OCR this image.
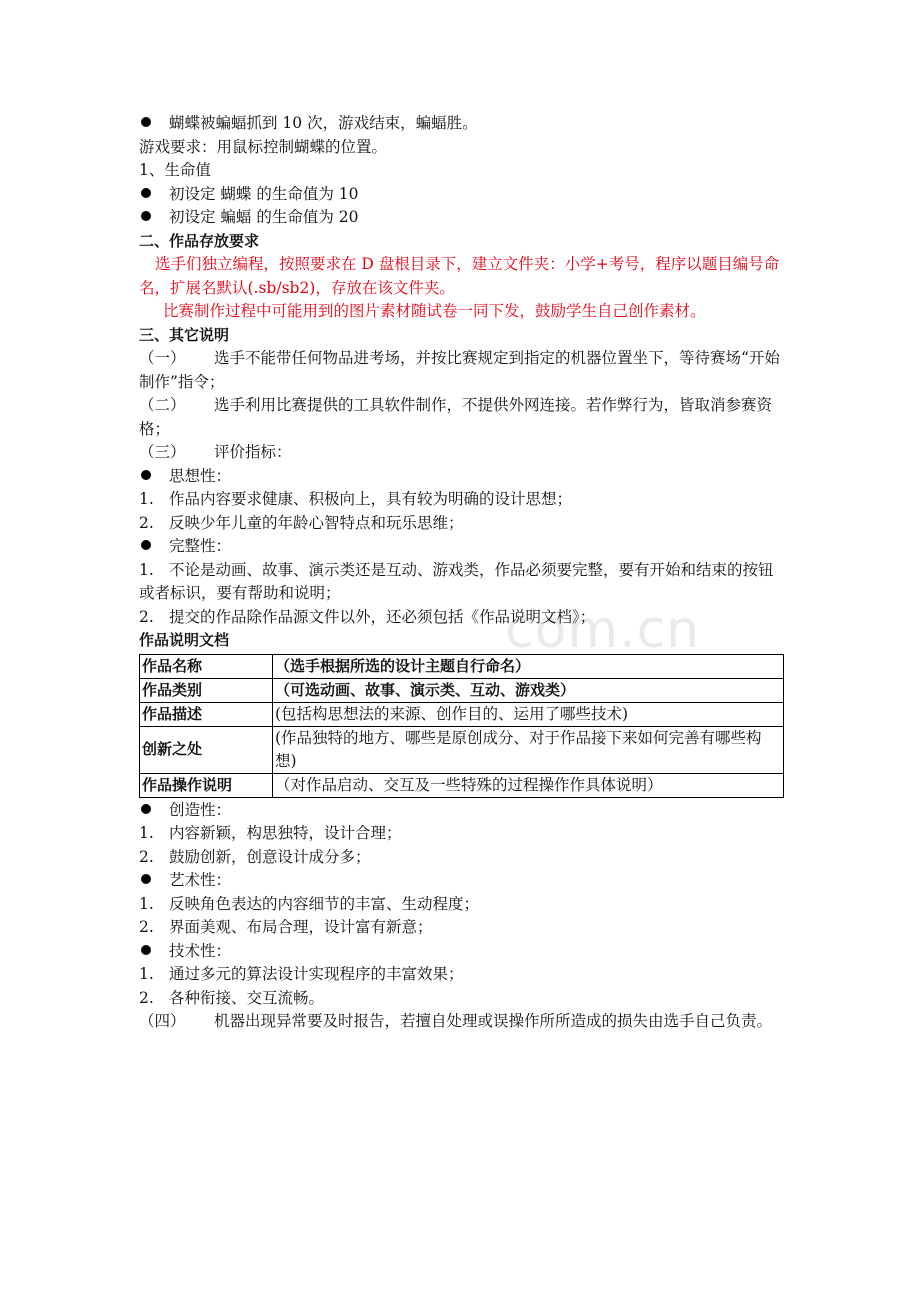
com.cn
蝴蝶被蝙蝠抓到 10 次，游戏结束，蝙蝠胜。
游戏要求：用鼠标控制蝴蝶的位置。
1、生命值
初设定 蝴蝶 的生命值为 10
初设定 蝙蝠 的生命值为 20
二、作品存放要求
选手们独立编程，按照要求在 D 盘根目录下，建立文件夹：小学+考号，程序以题目编号命名，扩展名默认(.sb/sb2)，存放在该文件夹。
比赛制作过程中可能用到的图片素材随试卷一同下发，鼓励学生自己创作素材。
三、其它说明
（一） 选手不能带任何物品进考场，并按比赛规定到指定的机器位置坐下，等待赛场“开始制作”指令；
（二） 选手利用比赛提供的工具软件制作，不提供外网连接。若作弊行为，皆取消参赛资格；
（三） 评价指标：
思想性：
1. 作品内容要求健康、积极向上，具有较为明确的设计思想；
2. 反映少年儿童的年龄心智特点和玩乐思维；
完整性：
1. 不论是动画、故事、演示类还是互动、游戏类，作品必须要完整，要有开始和结束的按钮或者标识，要有帮助和说明；
2. 提交的作品除作品源文件以外，还必须包括《作品说明文档》；
作品说明文档
作品名称	（选手根据所选的设计主题自行命名）
作品类别	（可选动画、故事、演示类、互动、游戏类）
作品描述	(包括构思想法的来源、创作目的、运用了哪些技术)
创新之处	(作品独特的地方、哪些是原创成分、对于作品接下来如何完善有哪些构想)
作品操作说明	（对作品启动、交互及一些特殊的过程操作作具体说明）
创造性：
1. 内容新颖，构思独特，设计合理；
2. 鼓励创新，创意设计成分多；
艺术性：
1. 反映角色表达的内容细节的丰富、生动程度；
2. 界面美观、布局合理，设计富有新意；
技术性：
1. 通过多元的算法设计实现程序的丰富效果；
2. 各种衔接、交互流畅。
（四） 机器出现异常要及时报告，若擅自处理或误操作所所造成的损失由选手自己负责。
